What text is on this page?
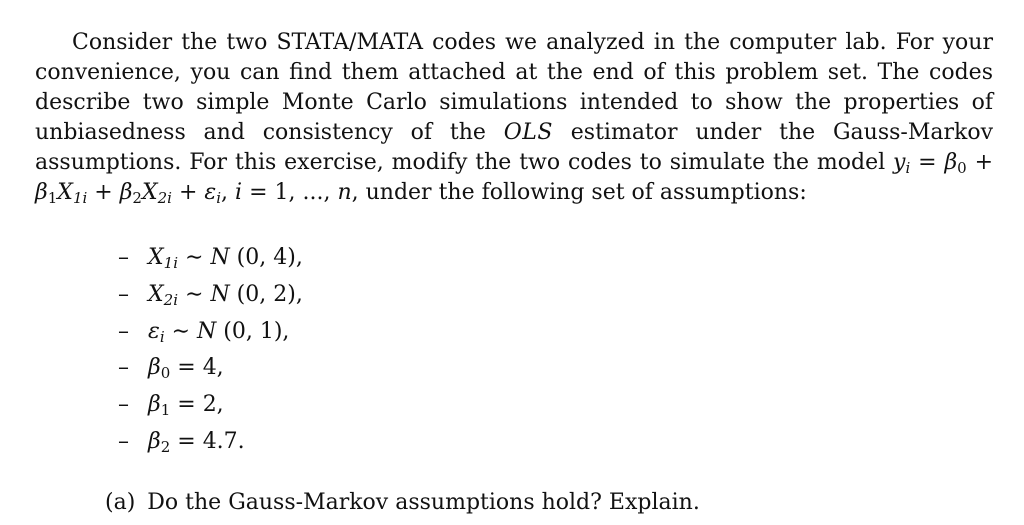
Consider the two STATA/MATA codes we analyzed in the computer lab. For your convenience, you can find them attached at the end of this problem set. The codes describe two simple Monte Carlo simulations intended to show the properties of unbiasedness and consistency of the OLS estimator under the Gauss-Markov assumptions. For this exercise, modify the two codes to simulate the model $y_i = \beta_0 + \beta_1X_{1i} + \beta_2X_{2i} + \varepsilon_i$, i = 1, ..., n, under the following set of assumptions:

– $X_{1i}$ ∼ N (0, 4),
– $X_{2i}$ ∼ N (0, 2),
– $\varepsilon_i$ ∼ N (0, 1),
– $\beta_0 = 4$,
– $\beta_1 = 2$,
– $\beta_2 = 4.7$.

(a) Do the Gauss-Markov assumptions hold? Explain.
